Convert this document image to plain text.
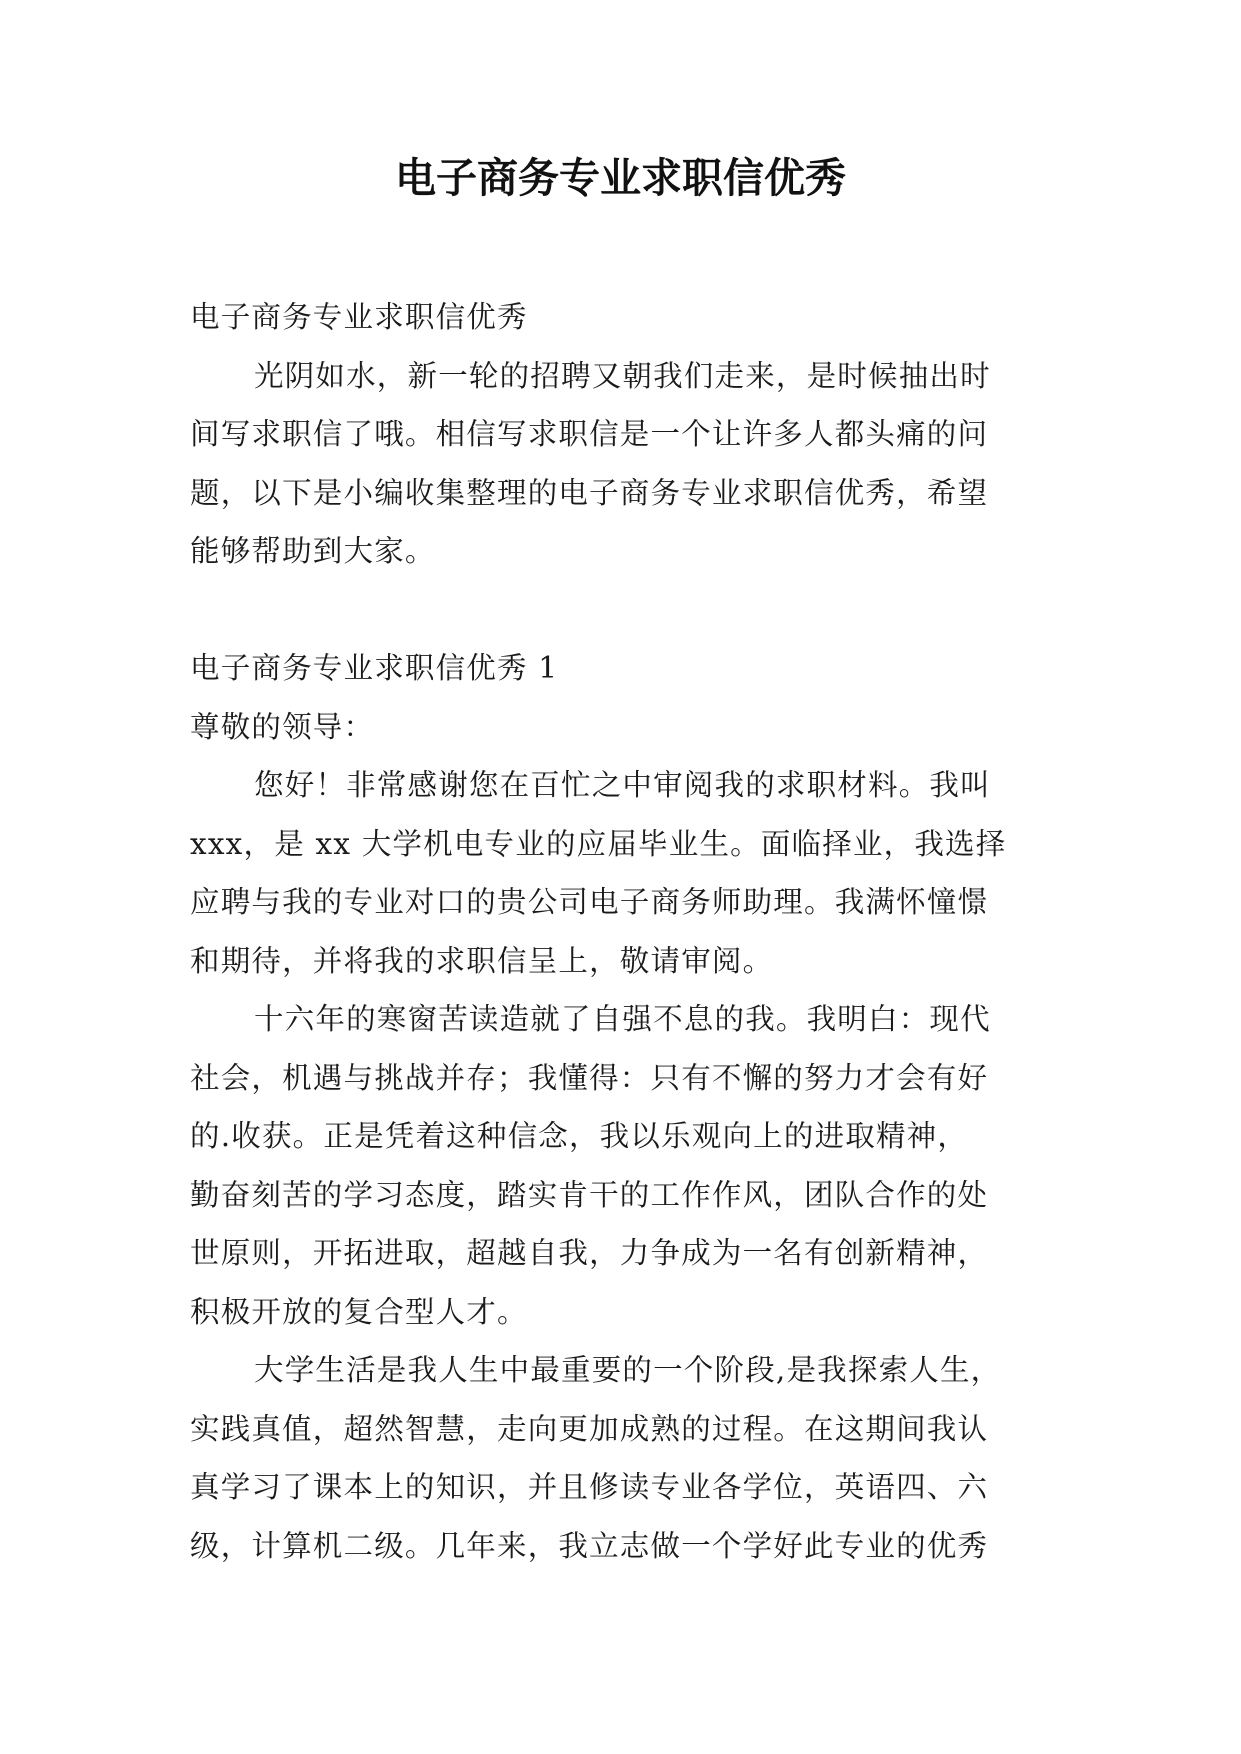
电子商务专业求职信优秀
电子商务专业求职信优秀
光阴如水，新一轮的招聘又朝我们走来，是时候抽出时
间写求职信了哦。相信写求职信是一个让许多人都头痛的问
题，以下是小编收集整理的电子商务专业求职信优秀，希望
能够帮助到大家。
电子商务专业求职信优秀 1
尊敬的领导：
您好！非常感谢您在百忙之中审阅我的求职材料。我叫
xxx，是 xx 大学机电专业的应届毕业生。面临择业，我选择
应聘与我的专业对口的贵公司电子商务师助理。我满怀憧憬
和期待，并将我的求职信呈上，敬请审阅。
十六年的寒窗苦读造就了自强不息的我。我明白：现代
社会，机遇与挑战并存；我懂得：只有不懈的努力才会有好
的.收获。正是凭着这种信念，我以乐观向上的进取精神，
勤奋刻苦的学习态度，踏实肯干的工作作风，团队合作的处
世原则，开拓进取，超越自我，力争成为一名有创新精神，
积极开放的复合型人才。
大学生活是我人生中最重要的一个阶段,是我探索人生，
实践真值，超然智慧，走向更加成熟的过程。在这期间我认
真学习了课本上的知识，并且修读专业各学位，英语四、六
级，计算机二级。几年来，我立志做一个学好此专业的优秀
